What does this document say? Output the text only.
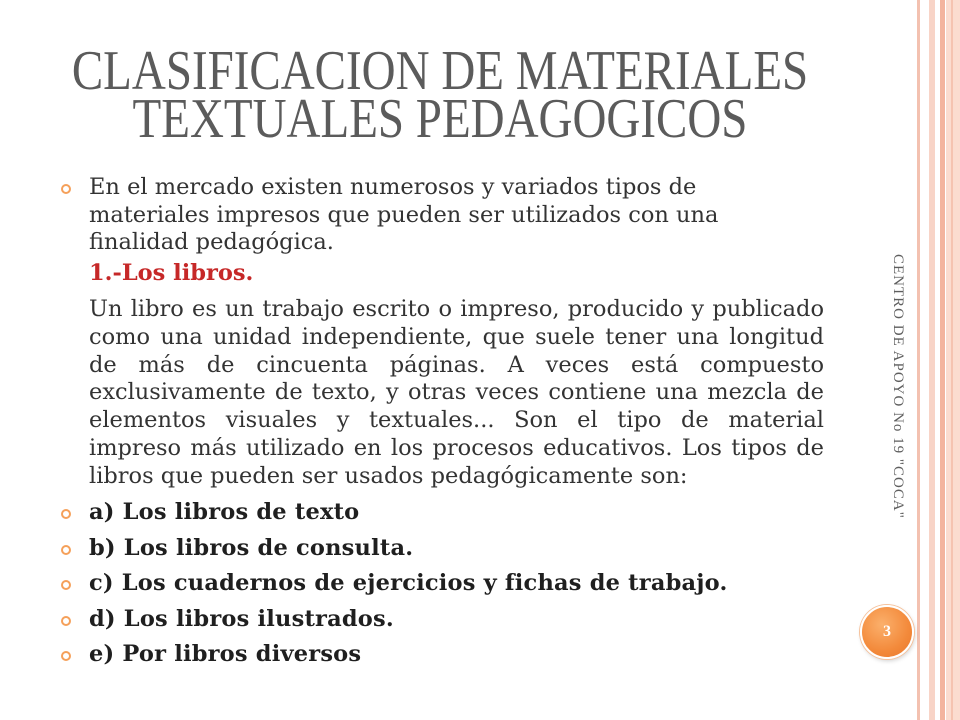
CLASIFICACION DE MATERIALES
TEXTUALES PEDAGOGICOS
En el mercado existen numerosos y variados tipos de
materiales impresos que pueden ser utilizados con una
finalidad pedagógica.
1.-Los libros.
Un libro es un trabajo escrito o impreso, producido y publicado
como una unidad independiente, que suele tener una longitud
de más de cincuenta páginas. A veces está compuesto
exclusivamente de texto, y otras veces contiene una mezcla de
elementos visuales y textuales... Son el tipo de material
impreso más utilizado en los procesos educativos. Los tipos de
libros que pueden ser usados pedagógicamente son:
a) Los libros de texto
b) Los libros de consulta.
c) Los cuadernos de ejercicios y fichas de trabajo.
d) Los libros ilustrados.
e) Por libros diversos
CENTRO DE APOYO No 19 "COCA"
3
